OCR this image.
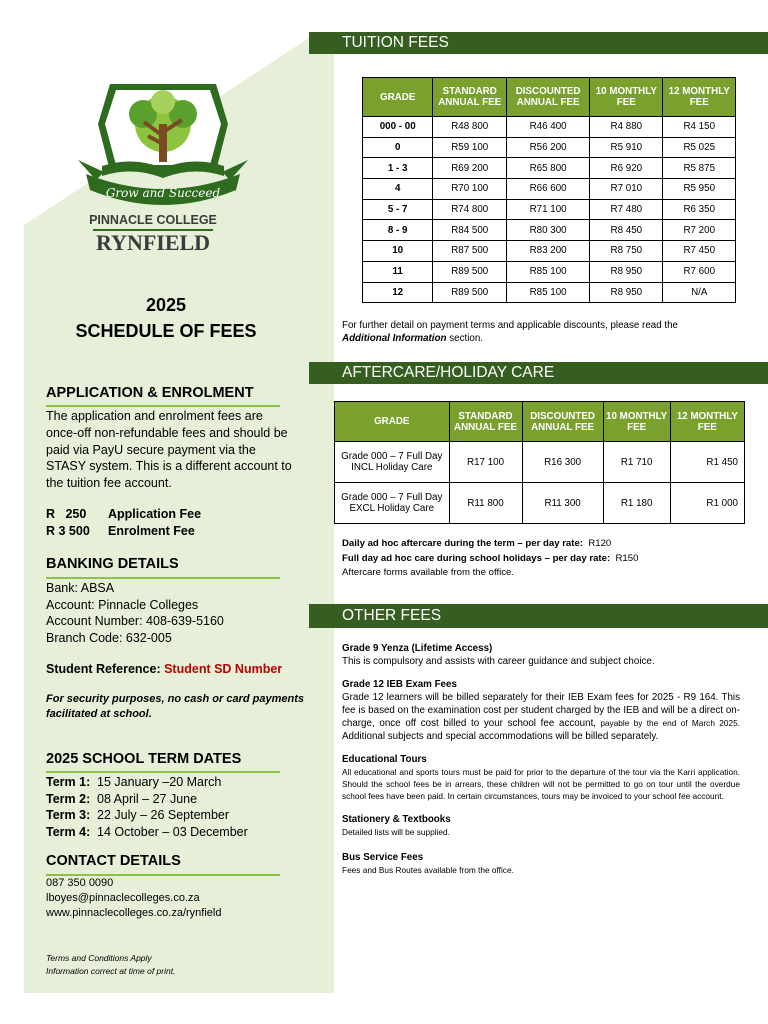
Grow and Succeed
PINNACLE COLLEGE
RYNFIELD
2025
SCHEDULE OF FEES
APPLICATION & ENROLMENT
The application and enrolment fees are once-off non-refundable fees and should be paid via PayU secure payment via the STASY system. This is a different account to the tuition fee account.
R   250 Application Fee
R 3 500 Enrolment Fee
BANKING DETAILS
Bank: ABSA
Account: Pinnacle Colleges
Account Number: 408-639-5160
Branch Code: 632-005
Student Reference: Student SD Number
For security purposes, no cash or card payments facilitated at school.
2025 SCHOOL TERM DATES
Term 1: 15 January –20 March
Term 2: 08 April – 27 June
Term 3: 22 July – 26 September
Term 4: 14 October – 03 December
CONTACT DETAILS
087 350 0090
lboyes@pinnaclecolleges.co.za
www.pinnaclecolleges.co.za/rynfield
Terms and Conditions Apply
Information correct at time of print.
TUITION FEES
GRADE	STANDARD ANNUAL FEE	DISCOUNTED ANNUAL FEE	10 MONTHLY FEE	12 MONTHLY FEE
000 - 00	R48 800	R46 400	R4 880	R4 150
0	R59 100	R56 200	R5 910	R5 025
1 - 3	R69 200	R65 800	R6 920	R5 875
4	R70 100	R66 600	R7 010	R5 950
5 - 7	R74 800	R71 100	R7 480	R6 350
8 - 9	R84 500	R80 300	R8 450	R7 200
10	R87 500	R83 200	R8 750	R7 450
11	R89 500	R85 100	R8 950	R7 600
12	R89 500	R85 100	R8 950	N/A
For further detail on payment terms and applicable discounts, please read the
Additional Information section.
AFTERCARE/HOLIDAY CARE
GRADE	STANDARD ANNUAL FEE	DISCOUNTED ANNUAL FEE	10 MONTHLY FEE	12 MONTHLY FEE
Grade 000 – 7 Full Day INCL Holiday Care	R17 100	R16 300	R1 710	R1 450
Grade 000 – 7 Full Day EXCL Holiday Care	R11 800	R11 300	R1 180	R1 000
Daily ad hoc aftercare during the term – per day rate:  R120
Full day ad hoc care during school holidays – per day rate:  R150
Aftercare forms available from the office.
OTHER FEES
Grade 9 Yenza (Lifetime Access)
This is compulsory and assists with career guidance and subject choice.
Grade 12 IEB Exam Fees
Grade 12 learners will be billed separately for their IEB Exam fees for 2025 - R9 164. This fee is based on the examination cost per student charged by the IEB and will be a direct on-charge, once off cost billed to your school fee account, payable by the end of March 2025. Additional subjects and special accommodations will be billed separately.
Educational Tours
All educational and sports tours must be paid for prior to the departure of the tour via the Karri application. Should the school fees be in arrears, these children will not be permitted to go on tour until the overdue school fees have been paid. In certain circumstances, tours may be invoiced to your school fee account.
Stationery & Textbooks
Detailed lists will be supplied.
Bus Service Fees
Fees and Bus Routes available from the office.
